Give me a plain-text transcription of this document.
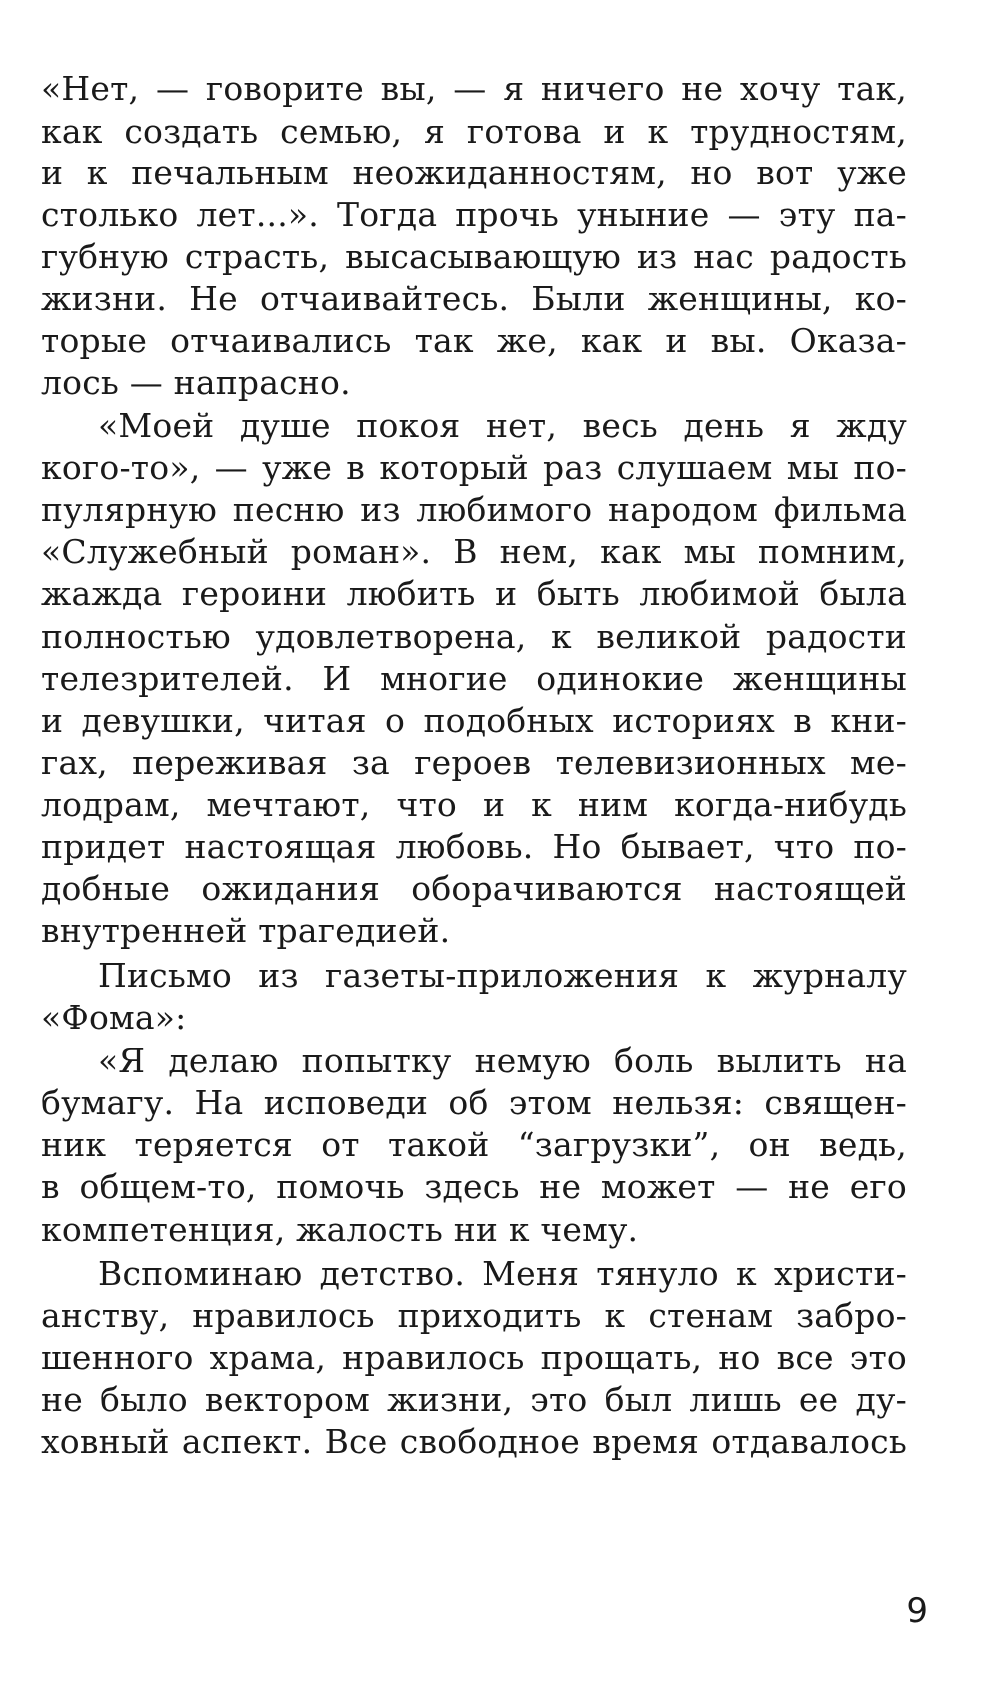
«Нет, — говорите вы, — я ничего не хочу так,
как создать семью, я готова и к трудностям,
и к печальным неожиданностям, но вот уже
столько лет...». Тогда прочь уныние — эту па-
губную страсть, высасывающую из нас радость
жизни. Не отчаивайтесь. Были женщины, ко-
торые отчаивались так же, как и вы. Оказа-
лось — напрасно.
«Моей душе покоя нет, весь день я жду
кого-то», — уже в который раз слушаем мы по-
пулярную песню из любимого народом фильма
«Служебный роман». В нем, как мы помним,
жажда героини любить и быть любимой была
полностью удовлетворена, к великой радости
телезрителей. И многие одинокие женщины
и девушки, читая о подобных историях в кни-
гах, переживая за героев телевизионных ме-
лодрам, мечтают, что и к ним когда-нибудь
придет настоящая любовь. Но бывает, что по-
добные ожидания оборачиваются настоящей
внутренней трагедией.
Письмо из газеты-приложения к журналу
«Фома»:
«Я делаю попытку немую боль вылить на
бумагу. На исповеди об этом нельзя: священ-
ник теряется от такой “загрузки”, он ведь,
в общем-то, помочь здесь не может — не его
компетенция, жалость ни к чему.
Вспоминаю детство. Меня тянуло к христи-
анству, нравилось приходить к стенам забро-
шенного храма, нравилось прощать, но все это
не было вектором жизни, это был лишь ее ду-
ховный аспект. Все свободное время отдавалось
9
